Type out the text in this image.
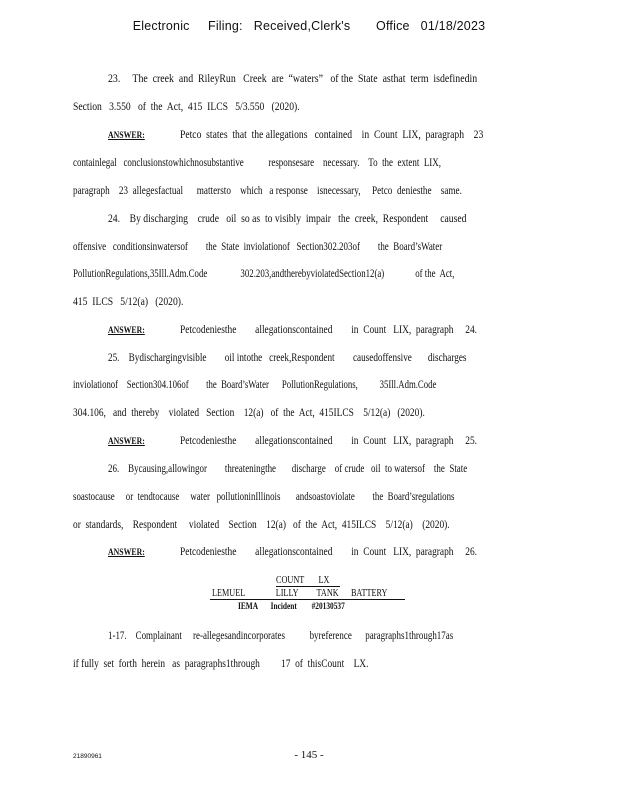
Electronic     Filing:   Received,Clerk's       Office   01/18/2023
23.     The  creek  and  RileyRun   Creek  are  “waters”   of the  State  asthat  term  isdefinedin
Section   3.550   of  the  Act,  415  ILCS   5/3.550   (2020).
ANSWER:	Petco  states  that  the allegations   contained    in  Count  LIX,  paragraph    23
containlegal   conclusionstowhichnosubstantive           responsesare    necessary.    To  the  extent  LIX,
paragraph    23  allegesfactual      mattersto    which   a response    isnecessary,     Petco  deniesthe    same.
24.    By discharging    crude   oil  so as  to visibly  impair   the  creek,  Respondent     caused
offensive   conditionsinwatersof        the  State  inviolationof   Section302.203of        the  Board’sWater
PollutionRegulations,35Ill.Adm.Code               302.203,andtherebyviolatedSection12(a)              of the  Act,
415  ILCS   5/12(a)   (2020).
ANSWER:	Petcodeniesthe        allegationscontained        in  Count   LIX,  paragraph     24.
25.    Bydischargingvisible        oil intothe   creek,Respondent        causedoffensive       discharges
inviolationof    Section304.106of        the  Board’sWater      PollutionRegulations,          35Ill.Adm.Code
304.106,   and  thereby    violated   Section    12(a)   of  the  Act,  415ILCS    5/12(a)   (2020).
ANSWER:	Petcodeniesthe        allegationscontained        in  Count   LIX,  paragraph     25.
26.    Bycausing,allowingor        threateningthe       discharge    of crude   oil  to watersof    the  State
soastocause     or  tendtocause     water   pollutioninIllinois       andsoastoviolate        the  Board’sregulations
or  standards,    Respondent     violated    Section    12(a)   of  the  Act,  415ILCS    5/12(a)    (2020).
ANSWER:	Petcodeniesthe        allegationscontained        in  Count   LIX,  paragraph     26.
COUNT       LX
LEMUEL               LILLY         TANK      BATTERY
IEMA       Incident        #20130537
1-17.    Complainant     re-allegesandincorporates           byreference      paragraphs1through17as
if fully  set  forth  herein   as  paragraphs1through         17  of  thisCount    LX.
21890961	- 145 -
